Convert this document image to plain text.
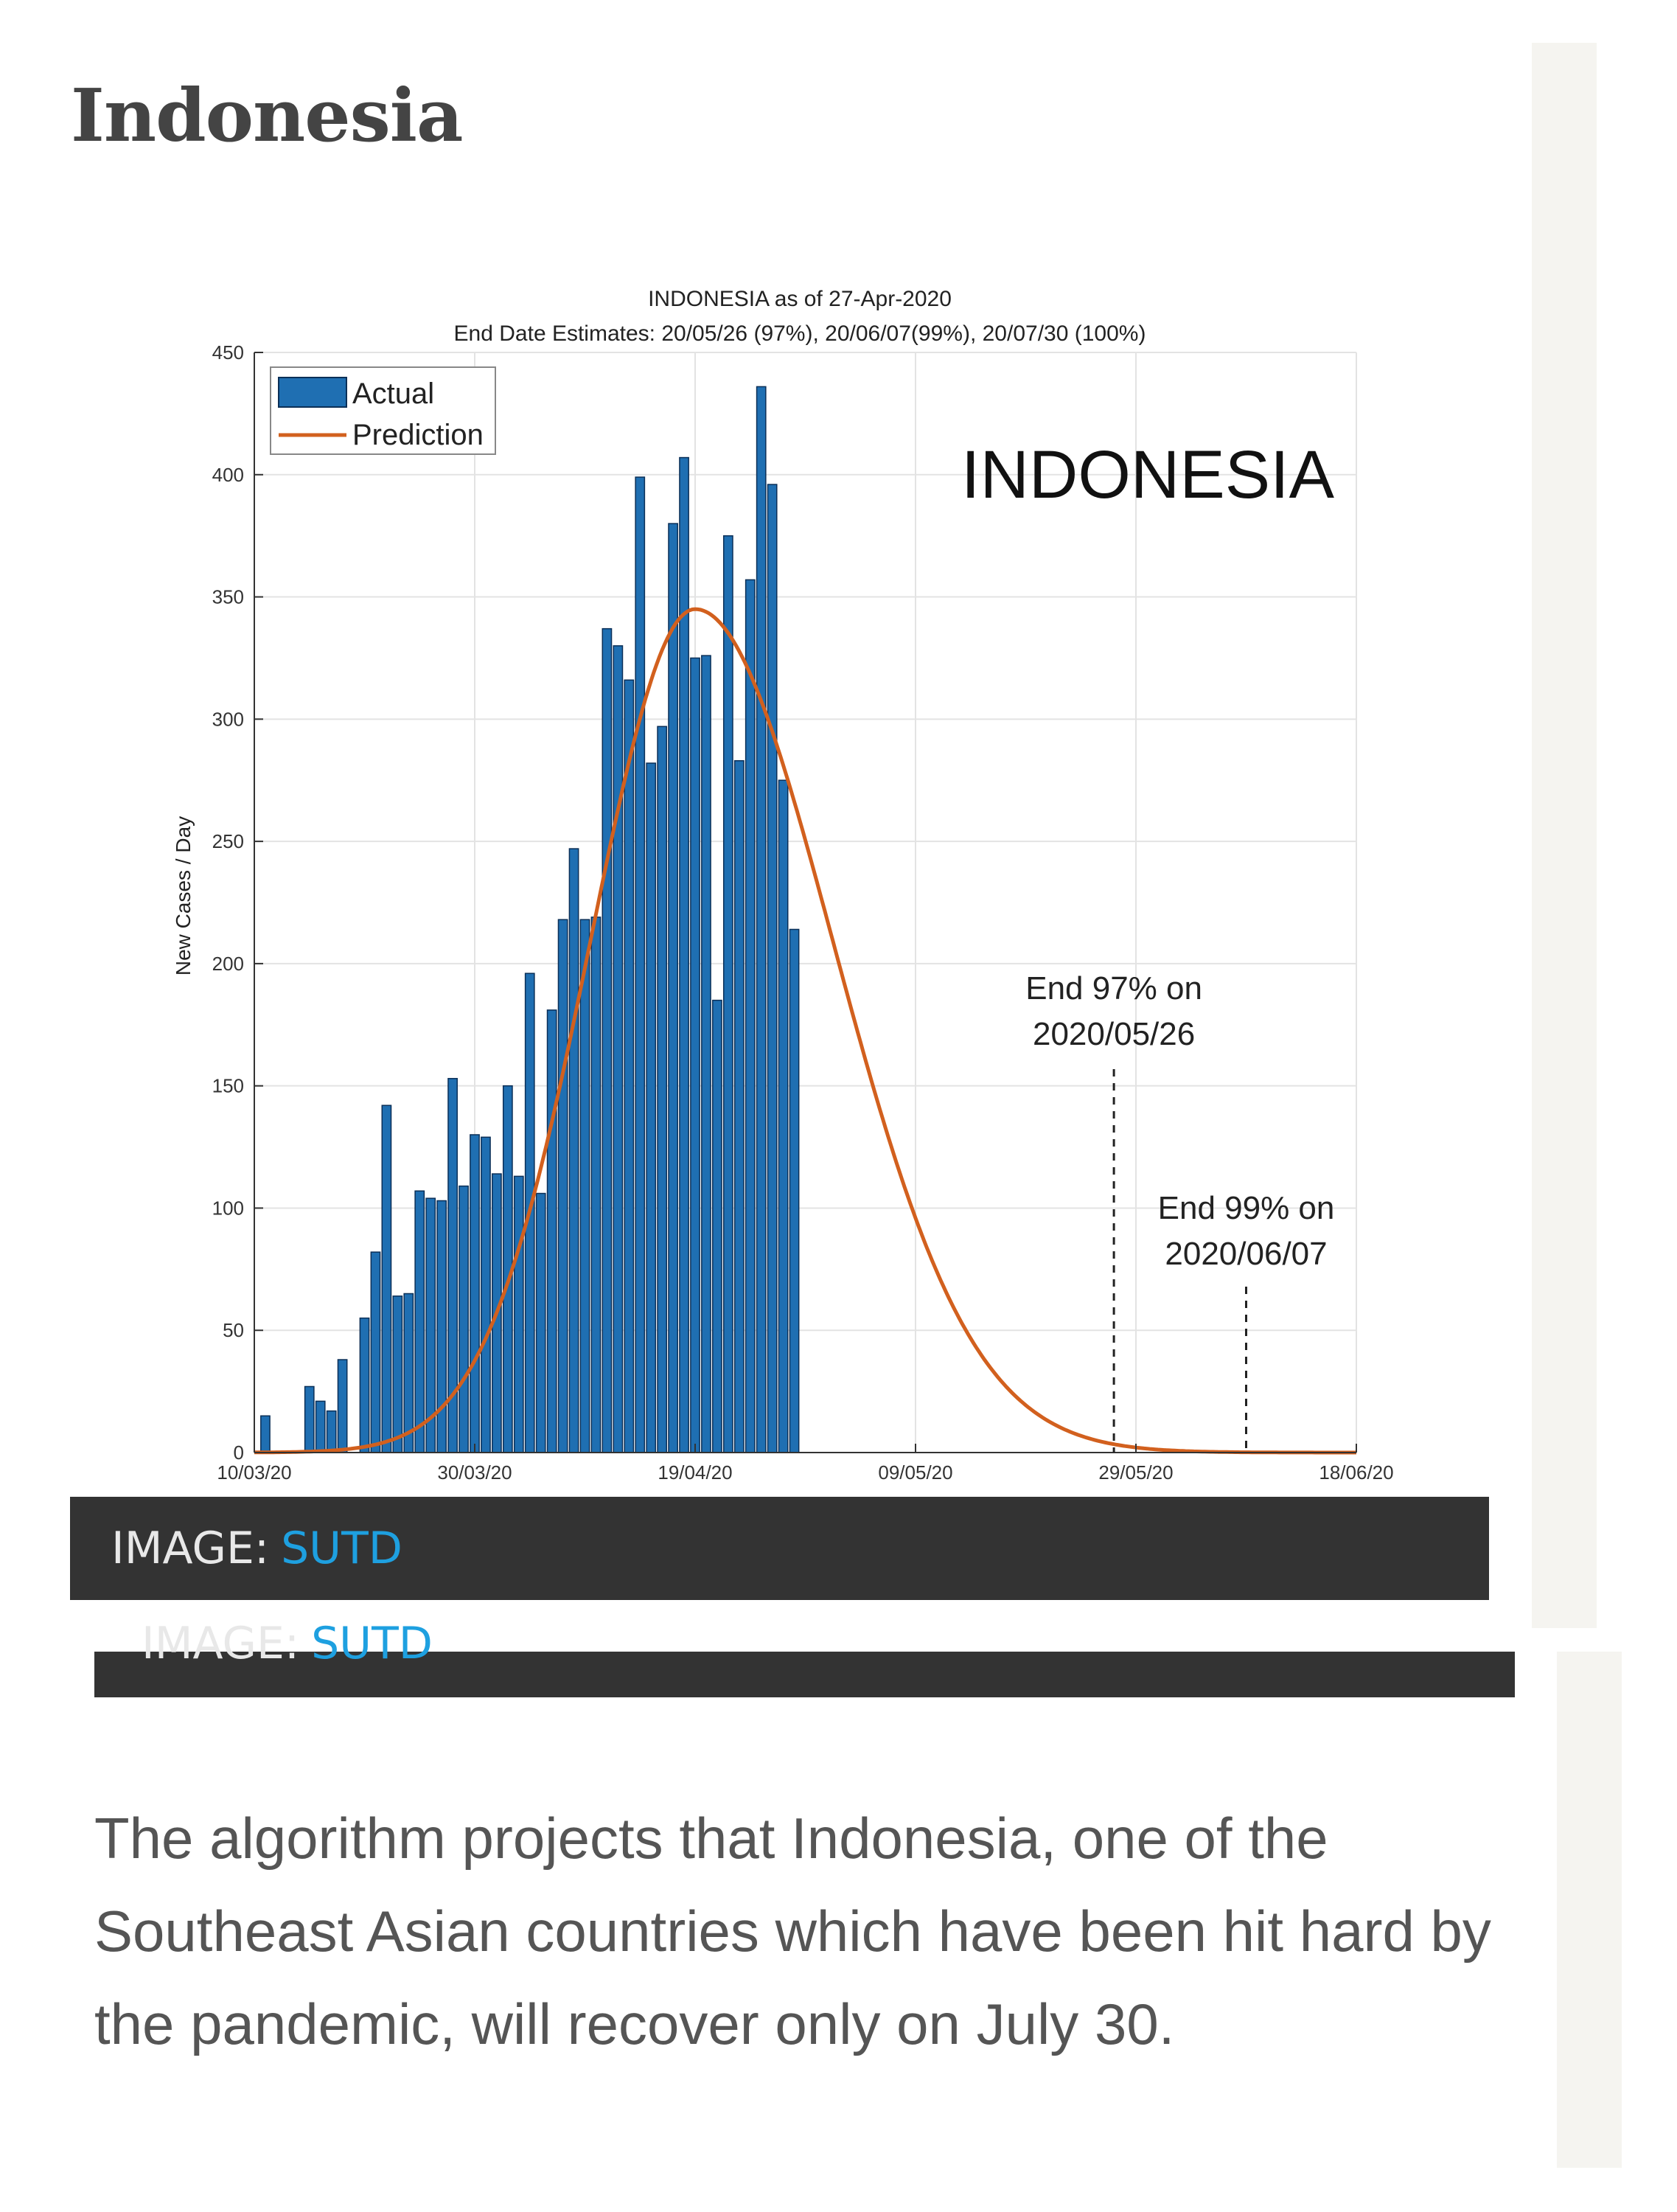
Indonesia
0
50
100
150
200
250
300
350
400
450
10/03/20	30/03/20	19/04/20	09/05/20	29/05/20	18/06/20
End 97% on
2020/05/26
End 99% on
2020/06/07
INDONESIA as of 27-Apr-2020
End Date Estimates: 20/05/26 (97%), 20/06/07(99%), 20/07/30 (100%)
INDONESIA
New Cases / Day
Actual
Prediction
IMAGE: SUTD
IMAGE: SUTD
The algorithm projects that Indonesia, one of the Southeast Asian countries which have been hit hard by the pandemic, will recover only on July 30.
